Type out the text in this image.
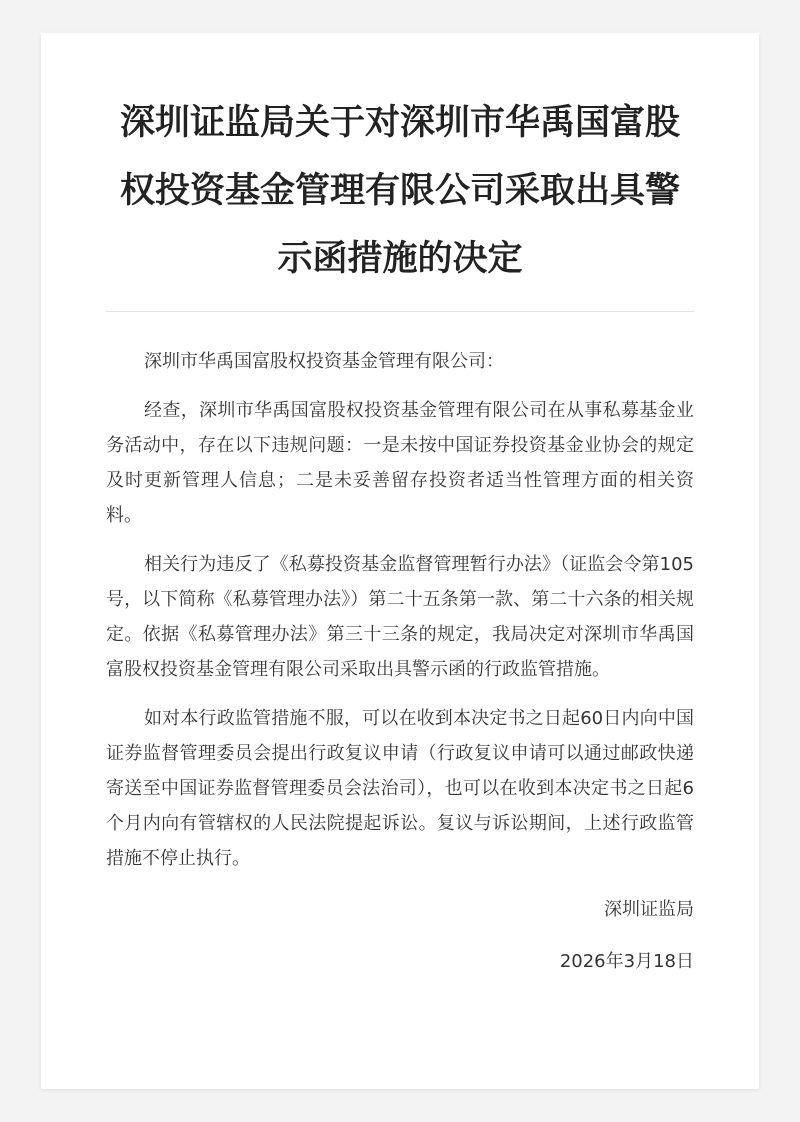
深圳证监局关于对深圳市华禹国富股权投资基金管理有限公司采取出具警示函措施的决定

深圳市华禹国富股权投资基金管理有限公司：

经查，深圳市华禹国富股权投资基金管理有限公司在从事私募基金业务活动中，存在以下违规问题：一是未按中国证券投资基金业协会的规定及时更新管理人信息；二是未妥善留存投资者适当性管理方面的相关资料。

相关行为违反了《私募投资基金监督管理暂行办法》（证监会令第105号，以下简称《私募管理办法》）第二十五条第一款、第二十六条的相关规定。依据《私募管理办法》第三十三条的规定，我局决定对深圳市华禹国富股权投资基金管理有限公司采取出具警示函的行政监管措施。

如对本行政监管措施不服，可以在收到本决定书之日起60日内向中国证券监督管理委员会提出行政复议申请（行政复议申请可以通过邮政快递寄送至中国证券监督管理委员会法治司），也可以在收到本决定书之日起6个月内向有管辖权的人民法院提起诉讼。复议与诉讼期间，上述行政监管措施不停止执行。

深圳证监局

2026年3月18日
